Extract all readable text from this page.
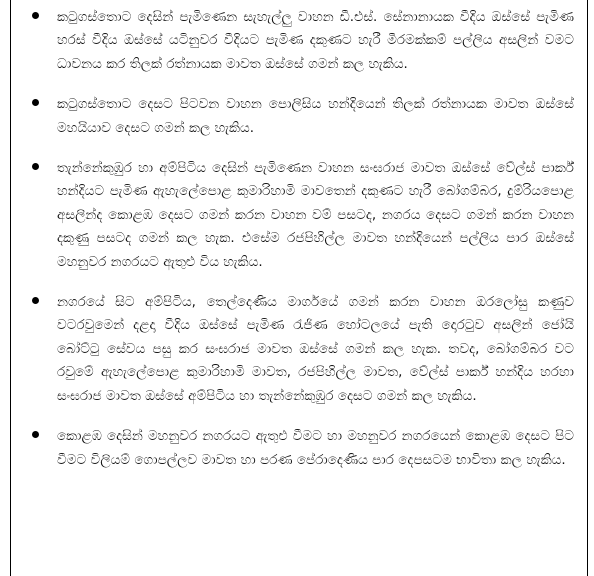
කටුගස්තොට දෙසින් පැමිණෙන සැහැල්ලු වාහන ඩී.එස්. සේනානායක වීදිය ඔස්සේ පැමිණ හරස් වීදිය ඔස්සේ යටිනුවර වීදියට පැමිණ දකුණට හැරී මීරමක්කම් පල්ලිය අසලින් වමට ධාවනය කර තිලක් රත්නායක මාවත ඔස්සේ ගමන් කල හැකිය.

කටුගස්තොට දෙසට පිටවන වාහන පොලිසිය හන්දියෙන් තිලක් රත්නායක මාවත ඔස්සේ මහයියාව දෙසට ගමන් කල හැකිය.

තැන්නේකුඹුර හා අම්පිටිය දෙසින් පැමිණෙන වාහන සංඝරාජ මාවත ඔස්සේ වේල්ස් පාර්ක් හන්දියට පැමිණ ඇහැලේපොළ කුමාරිහාමි මාවතෙන් දකුණට හැරී බෝගම්බර, දුම්රියපොළ අසලින්ද කොළඹ දෙසට ගමන් කරන වාහන වම් පසටද, නගරය දෙසට ගමන් කරන වාහන දකුණු පසටද ගමන් කල හැක. එසේම රජපිහිල්ල මාවත හන්දියෙන් පල්ලිය පාර ඔස්සේ මහනුවර නගරයට ඇතුළු විය හැකිය.

නගරයේ සිට අම්පිටිය, තෙල්දෙණිය මාර්ගයේ ගමන් කරන වාහන ඔරලෝසු කණුව වටරවුමෙන් දළදා වීදිය ඔස්සේ පැමිණ රැජිණ හෝටලයේ පැති දොරටුව අසලින් ජෝයි බෝට්ටු සේවය පසු කර සංඝරාජ මාවත ඔස්සේ ගමන් කල හැක. තවද, බෝගම්බර වට රවුමේ ඇහැලේපොළ කුමාරිහාමි මාවත, රජපිහිල්ල මාවත, වේල්ස් පාර්ක් හන්දිය හරහා සංඝරාජ මාවත ඔස්සේ අම්පිටිය හා තැන්නේකුඹුර දෙසට ගමන් කල හැකිය.

කොළඹ දෙසින් මහනුවර නගරයට ඇතුළු වීමට හා මහනුවර නගරයෙන් කොළඹ දෙසට පිට වීමට විලියම් ගොපල්ලව මාවත හා පරණ පේරාදෙණිය පාර දෙපසටම භාවිතා කල හැකිය.
